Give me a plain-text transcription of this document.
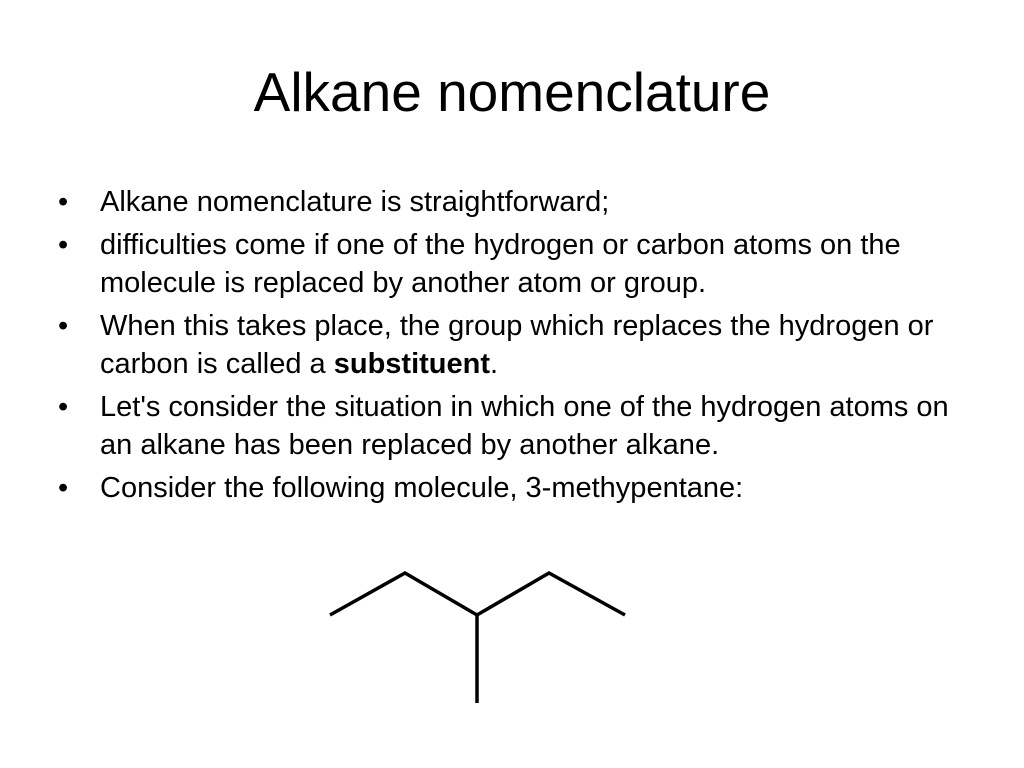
Alkane nomenclature
• Alkane nomenclature is straightforward;
• difficulties come if one of the hydrogen or carbon atoms on the molecule is replaced by another atom or group.
• When this takes place, the group which replaces the hydrogen or carbon is called a substituent.
• Let's consider the situation in which one of the hydrogen atoms on an alkane has been replaced by another alkane.
• Consider the following molecule, 3-methypentane:
